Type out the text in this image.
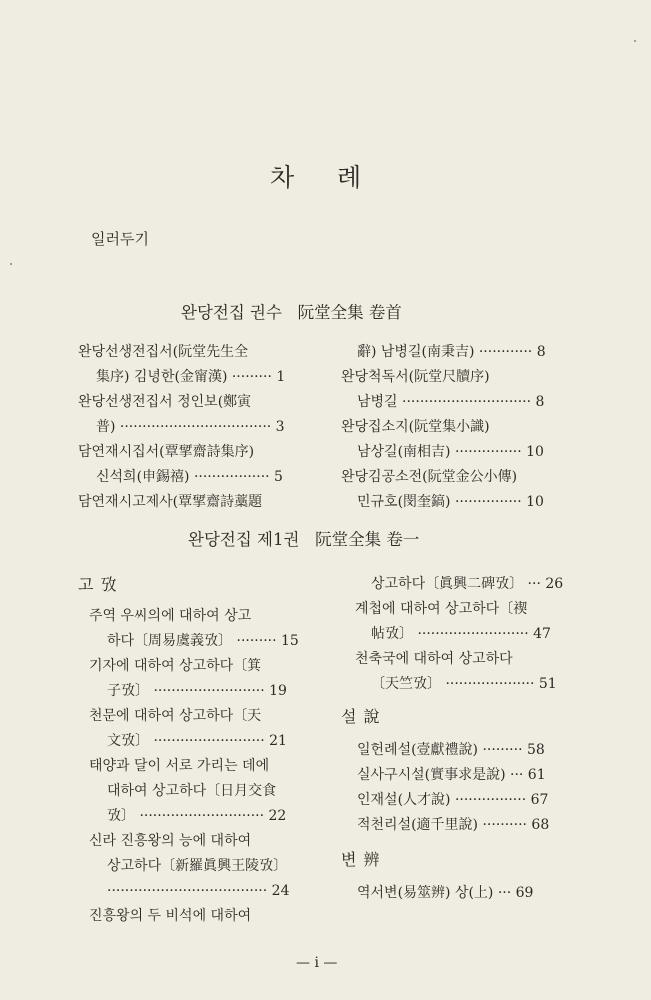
차 례
일러두기
완당전집 권수   阮堂全集 卷首
완당선생전집서(阮堂先生全
集序) 김녕한(金甯漢) ········· 1
완당선생전집서 정인보(鄭寅
普) ·································· 3
담연재시집서(覃揅齋詩集序)
신석희(申錫禧) ················· 5
담연재시고제사(覃揅齋詩藁題
辭) 남병길(南秉吉) ············ 8
완당척독서(阮堂尺牘序)
남병길 ····························· 8
완당집소지(阮堂集小識)
남상길(南相吉) ··············· 10
완당김공소전(阮堂金公小傳)
민규호(閔奎鎬) ··············· 10
완당전집 제1권   阮堂全集 卷一
고 攷
주역 우씨의에 대하여 상고
하다〔周易虞義攷〕 ········· 15
기자에 대하여 상고하다〔箕
子攷〕 ························· 19
천문에 대하여 상고하다〔天
文攷〕 ························· 21
태양과 달이 서로 가리는 데에
대하여 상고하다〔日月交食
攷〕 ···························· 22
신라 진흥왕의 능에 대하여
상고하다〔新羅眞興王陵攷〕
···································· 24
진흥왕의 두 비석에 대하여
상고하다〔眞興二碑攷〕 ··· 26
계첩에 대하여 상고하다〔禊
帖攷〕 ························· 47
천축국에 대하여 상고하다
〔天竺攷〕 ···················· 51
설 說
일헌례설(壹獻禮說) ········· 58
실사구시설(實事求是說) ··· 61
인재설(人才說) ················ 67
적천리설(適千里說) ·········· 68
변 辨
역서변(易筮辨) 상(上) ··· 69
— i —
